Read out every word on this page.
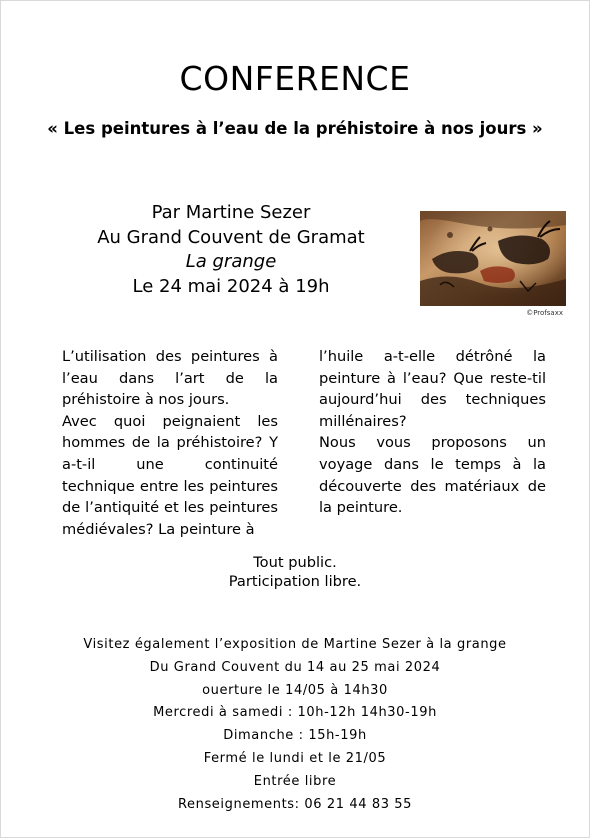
CONFERENCE
« Les peintures à l’eau de la préhistoire à nos jours »
Par Martine Sezer
Au Grand Couvent de Gramat
La grange
Le 24 mai 2024 à 19h
©Profsaxx

L’utilisation des peintures à l’eau dans l’art de la préhistoire à nos jours.

Avec quoi peignaient les hommes de la préhistoire? Y a-t-il une continuité technique entre les peintures de l’antiquité et les peintures médiévales? La peinture à

l’huile a-t-elle détrôné la peinture à l’eau? Que reste-til aujourd’hui des techniques millénaires?

Nous vous proposons un voyage dans le temps à la découverte des matériaux de la peinture.

Tout public.
Participation libre.
Visitez également l’exposition de Martine Sezer à la grange
Du Grand Couvent du 14 au 25 mai 2024
ouerture le 14/05 à 14h30
Mercredi à samedi : 10h-12h 14h30-19h
Dimanche : 15h-19h
Fermé le lundi et le 21/05
Entrée libre
Renseignements: 06 21 44 83 55
